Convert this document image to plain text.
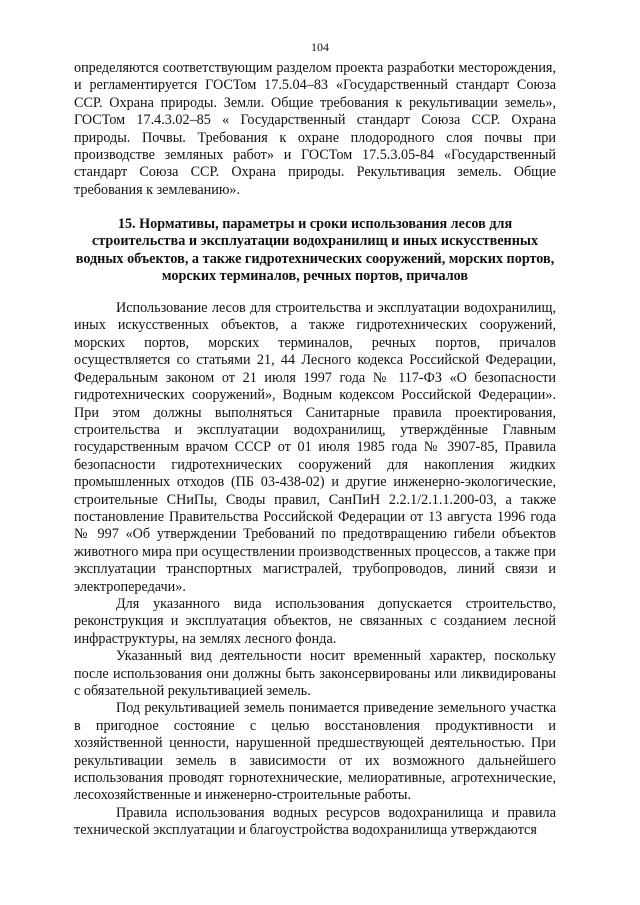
104

определяются соответствующим разделом проекта разработки месторождения, и регламентируется ГОСТом 17.5.04–83 «Государственный стандарт Союза ССР. Охрана природы. Земли. Общие требования к рекультивации земель», ГОСТом 17.4.3.02–85 « Государственный стандарт Союза ССР. Охрана природы. Почвы. Требования к охране плодородного слоя почвы при производстве земляных работ» и ГОСТом 17.5.3.05-84 «Государственный стандарт Союза ССР. Охрана природы. Рекультивация земель. Общие требования к землеванию».

15. Нормативы, параметры и сроки использования лесов для строительства и эксплуатации водохранилищ и иных искусственных водных объектов, а также гидротехнических сооружений, морских портов, морских терминалов, речных портов, причалов

Использование лесов для строительства и эксплуатации водохранилищ, иных искусственных объектов, а также гидротехнических сооружений, морских портов, морских терминалов, речных портов, причалов осуществляется со статьями 21, 44 Лесного кодекса Российской Федерации, Федеральным законом от 21 июля 1997 года № 117-ФЗ «О безопасности гидротехнических сооружений», Водным кодексом Российской Федерации». При этом должны выполняться Санитарные правила проектирования, строительства и эксплуатации водохранилищ, утверждённые Главным государственным врачом СССР от 01 июля 1985 года № 3907-85, Правила безопасности гидротехнических сооружений для накопления жидких промышленных отходов (ПБ 03-438-02) и другие инженерно-экологические, строительные СНиПы, Своды правил, СанПиН 2.2.1/2.1.1.200-03, а также постановление Правительства Российской Федерации от 13 августа 1996 года № 997 «Об утверждении Требований по предотвращению гибели объектов животного мира при осуществлении производственных процессов, а также при эксплуатации транспортных магистралей, трубопроводов, линий связи и электропередачи».

Для указанного вида использования допускается строительство, реконструкция и эксплуатация объектов, не связанных с созданием лесной инфраструктуры, на землях лесного фонда.

Указанный вид деятельности носит временный характер, поскольку после использования они должны быть законсервированы или ликвидированы с обязательной рекультивацией земель.

Под рекультивацией земель понимается приведение земельного участка в пригодное состояние с целью восстановления продуктивности и хозяйственной ценности, нарушенной предшествующей деятельностью. При рекультивации земель в зависимости от их возможного дальнейшего использования проводят горнотехнические, мелиоративные, агротехнические, лесохозяйственные и инженерно-строительные работы.

Правила использования водных ресурсов водохранилища и правила технической эксплуатации и благоустройства водохранилища утверждаются
